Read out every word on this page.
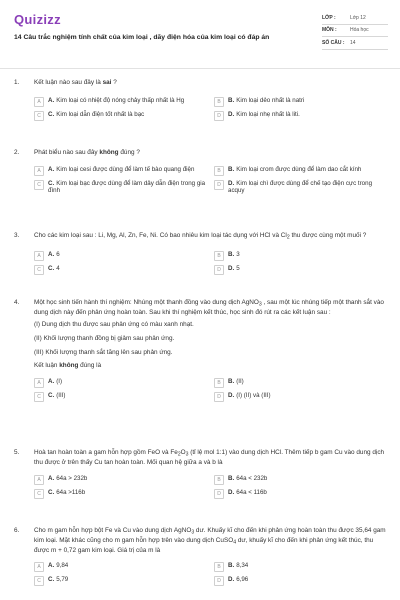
Quizizz
14 Câu trắc nghiệm tính chất của kim loại , dãy điện hóa của kim loại có đáp án
LỚP :	Lớp 12
MÔN :	Hóa học
SỐ CÂU :	14
1.	Kết luận nào sau đây là sai ?
A	A. Kim loại có nhiệt độ nóng chảy thấp nhất là Hg	B	B. Kim loại dẻo nhất là natri
C	C. Kim loại dẫn điện tốt nhất là bạc	D	D. Kim loại nhẹ nhất là liti.
2.	Phát biểu nào sau đây không đúng ?
A	A. Kim loại cesi được dùng để làm tế bào quang điện	B	B. Kim loại crom được dùng để làm dao cắt kính
C	C. Kim loại bạc được dùng để làm dây dẫn điện trong gia đình
D	D. Kim loại chì được dùng để chế tạo điện cực trong acquy
3.	Cho các kim loại sau : Li, Mg, Al, Zn, Fe, Ni. Có bao nhiêu kim loại tác dụng với HCl và $Cl_2$ thu được cùng một muối ?
A	A. 6	B	B. 3
C	C. 4	D	D. 5
4.	Một học sinh tiến hành thí nghiệm: Nhúng một thanh đồng vào dung dịch AgNO$_3$ , sau một lúc nhúng tiếp một thanh sắt vào dung dịch này đến phản ứng hoàn toàn. Sau khi thí nghiệm kết thúc, học sinh đó rút ra các kết luận sau :
(I) Dung dịch thu được sau phản ứng có màu xanh nhạt.
(II) Khối lượng thanh đồng bị giảm sau phản ứng.
(III) Khối lượng thanh sắt tăng lên sau phản ứng.
Kết luận không đúng là
A	A. (I)	B	B. (II)
C	C. (III)	D	D. (I) (II) và (III)
5.	Hoà tan hoàn toàn a gam hỗn hợp gồm FeO và $Fe_2O_3$ (tỉ lệ mol 1:1) vào dung dịch HCl. Thêm tiếp b gam Cu vào dung dịch thu được ở trên thấy Cu tan hoàn toàn. Mối quan hệ giữa a và b là
A	A. 64a > 232b	B	B. 64a < 232b
C	C. 64a >116b	D	D. 64a < 116b
6.	Cho m gam hỗn hợp bột Fe và Cu vào dung dịch AgNO$_3$ dư. Khuấy kĩ cho đến khi phản ứng hoàn toàn thu được 35,64 gam kim loại. Mặt khác cũng cho m gam hỗn hợp trên vào dung dịch CuSO$_4$ dư, khuấy kĩ cho đến khi phản ứng kết thúc, thu được m + 0,72 gam kim loại. Giá trị của m là
A	A. 9,84	B	B. 8,34
C	C. 5,79	D	D. 6,96
